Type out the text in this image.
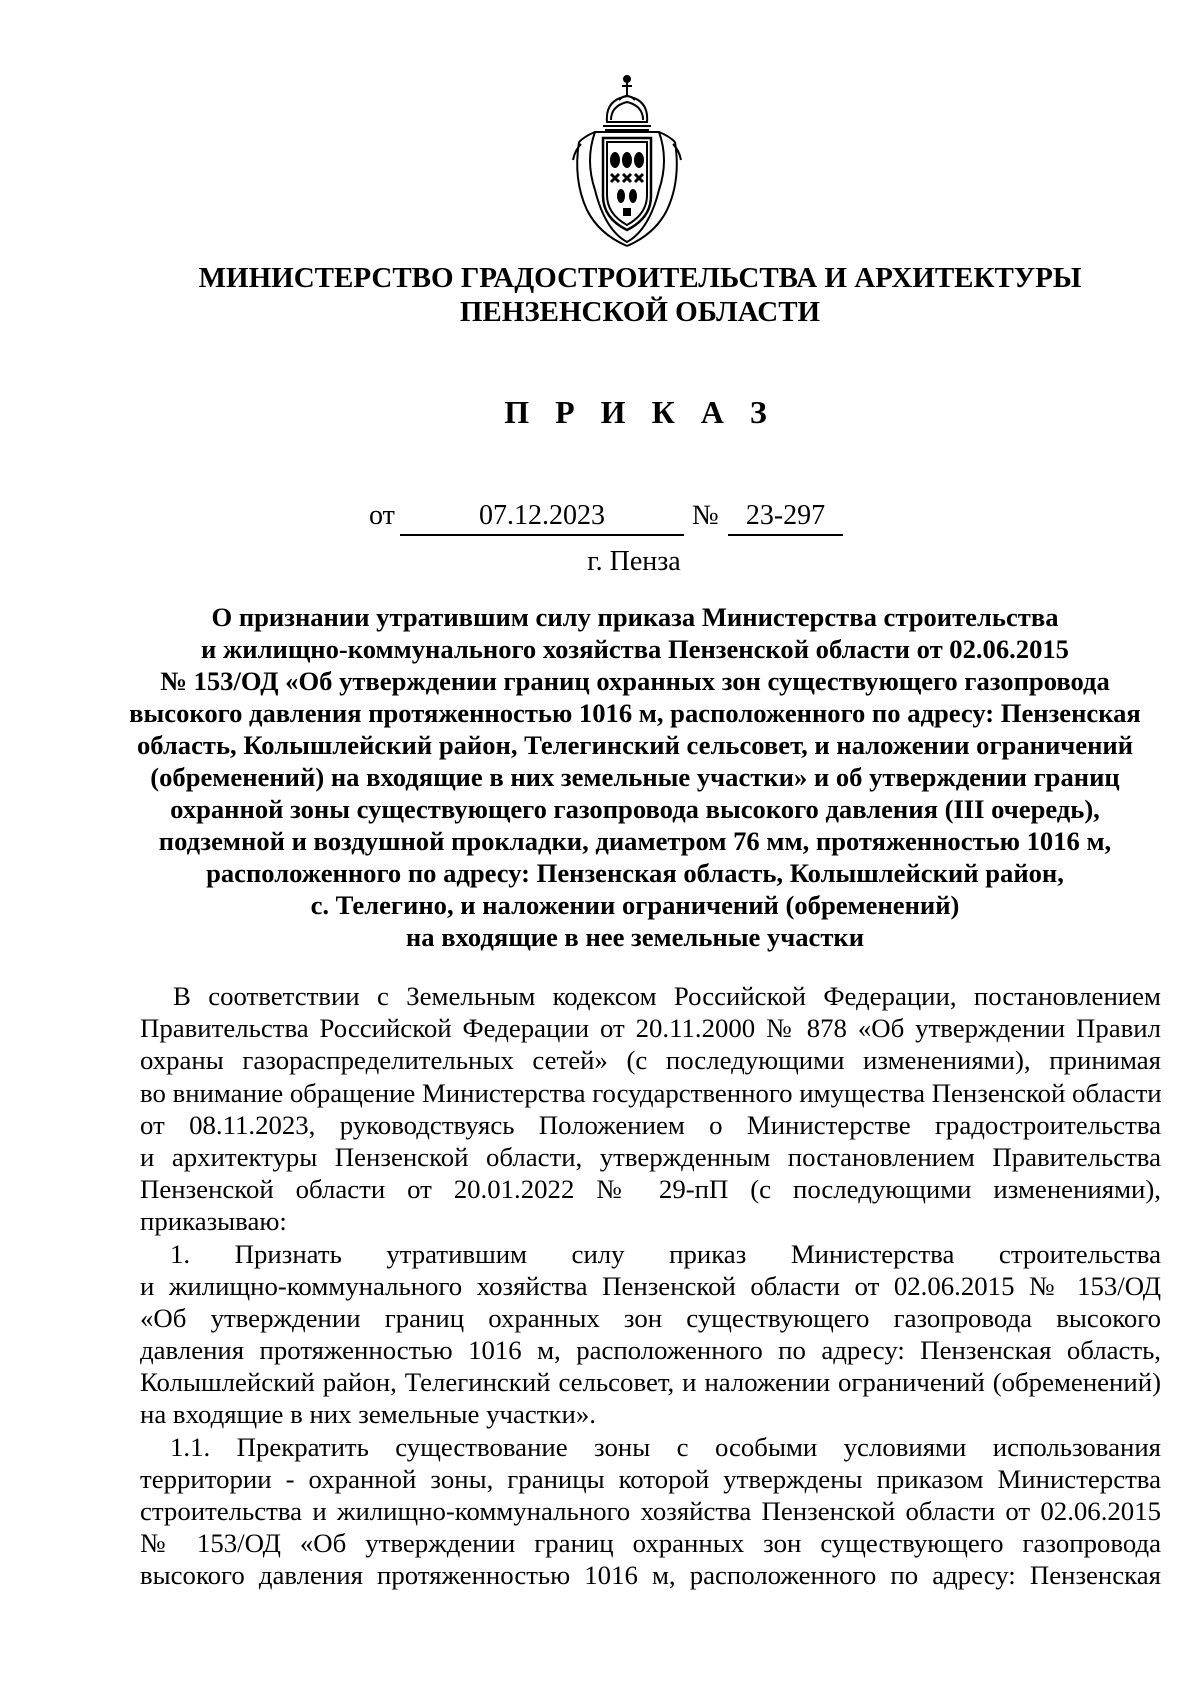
МИНИСТЕРСТВО ГРАДОСТРОИТЕЛЬСТВА И АРХИТЕКТУРЫ
ПЕНЗЕНСКОЙ ОБЛАСТИ
П Р И К А З
от	07.12.2023	№ 23-297
г. Пенза
О признании утратившим силу приказа Министерства строительства
и жилищно-коммунального хозяйства Пензенской области от 02.06.2015
№ 153/ОД «Об утверждении границ охранных зон существующего газопровода
высокого давления протяженностью 1016 м, расположенного по адресу: Пензенская
область, Колышлейский район, Телегинский сельсовет, и наложении ограничений
(обременений) на входящие в них земельные участки» и об утверждении границ
охранной зоны существующего газопровода высокого давления (III очередь),
подземной и воздушной прокладки, диаметром 76 мм, протяженностью 1016 м,
расположенного по адресу: Пензенская область, Колышлейский район,
с. Телегино, и наложении ограничений (обременений)
на входящие в нее земельные участки
В соответствии с Земельным кодексом Российской Федерации, постановлением
Правительства Российской Федерации от 20.11.2000 № 878 «Об утверждении Правил
охраны газораспределительных сетей» (с последующими изменениями), принимая
во внимание обращение Министерства государственного имущества Пензенской области
от 08.11.2023, руководствуясь Положением о Министерстве градостроительства
и архитектуры Пензенской области, утвержденным постановлением Правительства
Пензенской области от 20.01.2022 № 29-пП (с последующими изменениями),
приказываю:
1. Признать утратившим силу приказ Министерства строительства
и жилищно-коммунального хозяйства Пензенской области от 02.06.2015 № 153/ОД
«Об утверждении границ охранных зон существующего газопровода высокого
давления протяженностью 1016 м, расположенного по адресу: Пензенская область,
Колышлейский район, Телегинский сельсовет, и наложении ограничений (обременений)
на входящие в них земельные участки».
1.1. Прекратить существование зоны с особыми условиями использования
территории - охранной зоны, границы которой утверждены приказом Министерства
строительства и жилищно-коммунального хозяйства Пензенской области от 02.06.2015
№ 153/ОД «Об утверждении границ охранных зон существующего газопровода
высокого давления протяженностью 1016 м, расположенного по адресу: Пензенская
